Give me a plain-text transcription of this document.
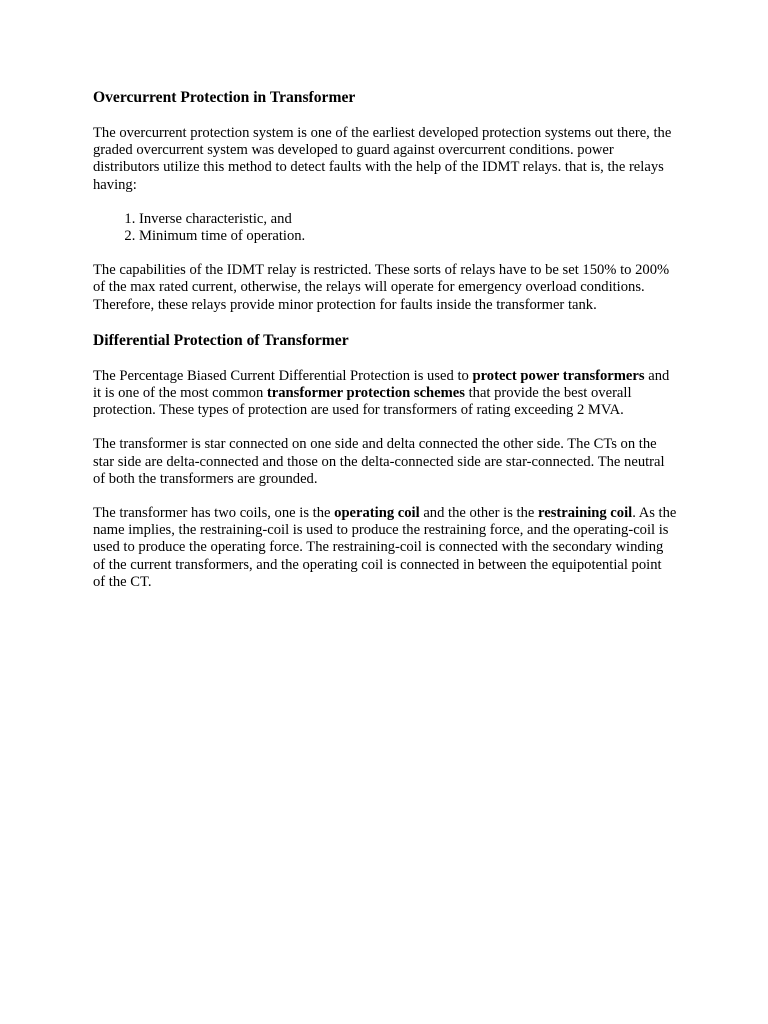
Overcurrent Protection in Transformer

The overcurrent protection system is one of the earliest developed protection systems out there, the graded overcurrent system was developed to guard against overcurrent conditions. power distributors utilize this method to detect faults with the help of the IDMT relays. that is, the relays having:

1. Inverse characteristic, and
2. Minimum time of operation.

The capabilities of the IDMT relay is restricted. These sorts of relays have to be set 150% to 200% of the max rated current, otherwise, the relays will operate for emergency overload conditions. Therefore, these relays provide minor protection for faults inside the transformer tank.

Differential Protection of Transformer

The Percentage Biased Current Differential Protection is used to protect power transformers and it is one of the most common transformer protection schemes that provide the best overall protection. These types of protection are used for transformers of rating exceeding 2 MVA.

The transformer is star connected on one side and delta connected the other side. The CTs on the star side are delta-connected and those on the delta-connected side are star-connected. The neutral of both the transformers are grounded.

The transformer has two coils, one is the operating coil and the other is the restraining coil. As the name implies, the restraining-coil is used to produce the restraining force, and the operating-coil is used to produce the operating force. The restraining-coil is connected with the secondary winding of the current transformers, and the operating coil is connected in between the equipotential point of the CT.
